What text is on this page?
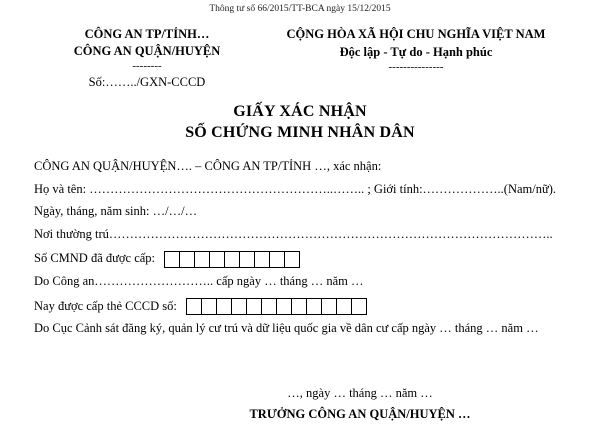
Thông tư số 66/2015/TT-BCA ngày 15/12/2015
CÔNG AN TP/TỈNH…
CÔNG AN QUẬN/HUYỆN
--------
Số:……../GXN-CCCD
CỘNG HÒA XÃ HỘI CHU NGHĨA VIỆT NAM
Độc lập - Tự do - Hạnh phúc
---------------
GIẤY XÁC NHẬN
SỐ CHỨNG MINH NHÂN DÂN
CÔNG AN QUẬN/HUYỆN…. – CÔNG AN TP/TỈNH …, xác nhận:
Họ và tên: …………………………………………………..…….. ; Giới tính:………………..(Nam/nữ).
Ngày, tháng, năm sinh: …/…/…
Nơi thường trú……………………………………………………………………………………………..
Số CMND đã được cấp:
Do Công an……………………….. cấp ngày … tháng … năm …
Nay được cấp thẻ CCCD số:
Do Cục Cảnh sát đăng ký, quản lý cư trú và dữ liệu quốc gia về dân cư cấp ngày … tháng … năm …
…, ngày … tháng … năm …
TRƯỞNG CÔNG AN QUẬN/HUYỆN …
